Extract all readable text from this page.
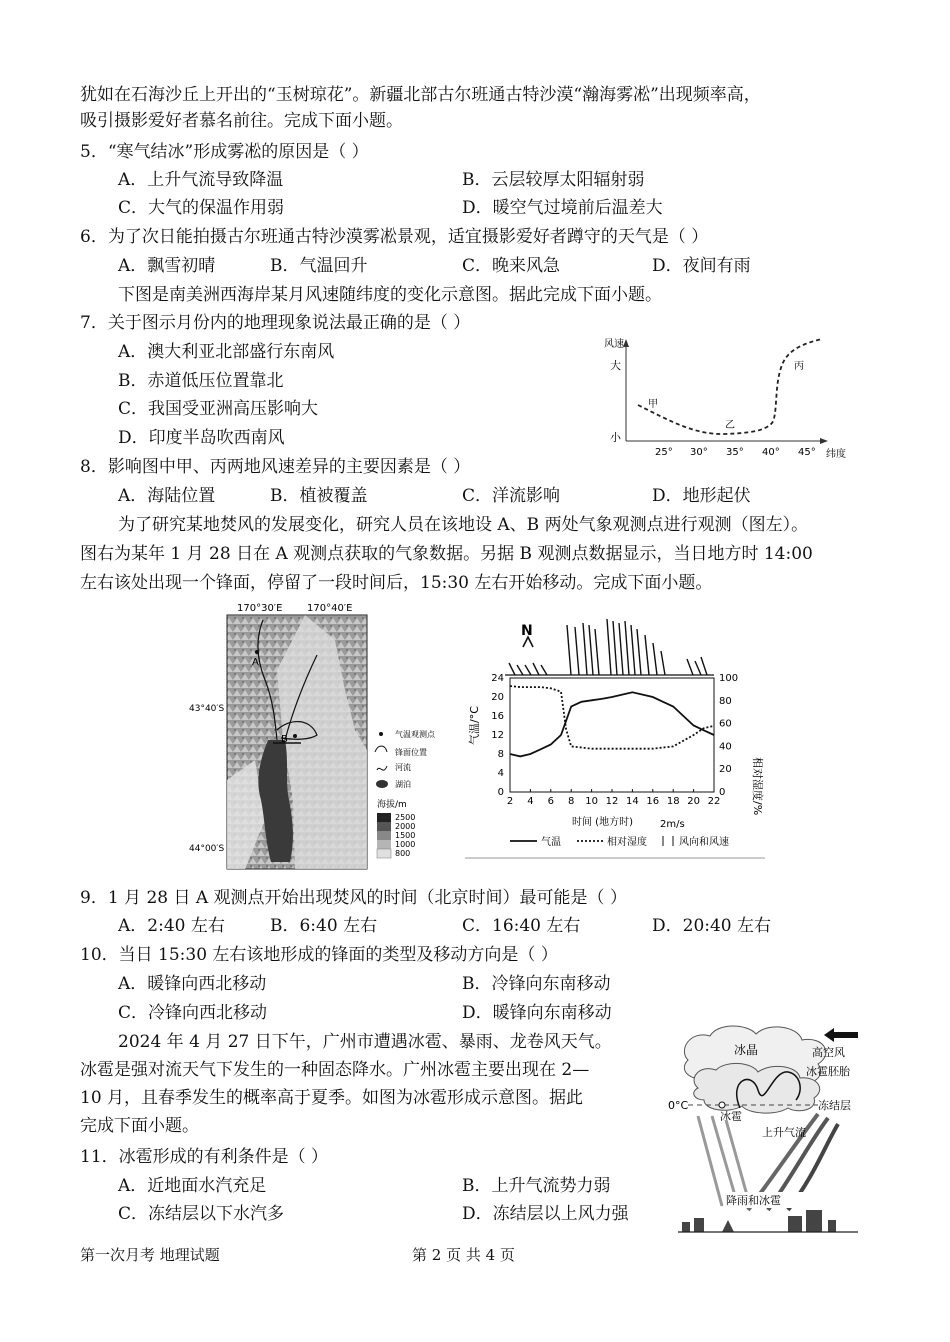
犹如在石海沙丘上开出的“玉树琼花”。新疆北部古尔班通古特沙漠“瀚海雾凇”出现频率高，
吸引摄影爱好者慕名前往。完成下面小题。
5．“寒气结冰”形成雾凇的原因是（ ）
A．上升气流导致降温	B．云层较厚太阳辐射弱
C．大气的保温作用弱	D．暖空气过境前后温差大
6．为了次日能拍摄古尔班通古特沙漠雾凇景观，适宜摄影爱好者蹲守的天气是（ ）
A．飘雪初晴	B．气温回升	C．晚来风急	D．夜间有雨
下图是南美洲西海岸某月风速随纬度的变化示意图。据此完成下面小题。
7．关于图示月份内的地理现象说法最正确的是（ ）
A．澳大利亚北部盛行东南风
B．赤道低压位置靠北
C．我国受亚洲高压影响大
D．印度半岛吹西南风
风速
大
小
纬度
25° 30° 35° 40° 45°
甲
乙
丙
8．影响图中甲、丙两地风速差异的主要因素是（ ）
A．海陆位置	B．植被覆盖	C．洋流影响	D．地形起伏
为了研究某地焚风的发展变化，研究人员在该地设 A、B 两处气象观测点进行观测（图左）。
图右为某年 1 月 28 日在 A 观测点获取的气象数据。另据 B 观测点数据显示，当日地方时 14:00
左右该处出现一个锋面，停留了一段时间后，15:30 左右开始移动。完成下面小题。
170°30′E 170°40′E
A
B
43°40′S
44°00′S
气温观测点
锋面位置
河流
湖泊
海拔/m
2500
2000
1500
1000
800
N
0
4
8
12
16
20
24
0
20
40
60
80
100
2 4 6 8 10 12 14 16 18 20 22
气温/°C
相对湿度/%
时间 (地方时)	2m/s
气温	相对湿度	风向和风速
9．1 月 28 日 A 观测点开始出现焚风的时间（北京时间）最可能是（ ）
A．2:40 左右	B．6:40 左右	C．16:40 左右	D．20:40 左右
10．当日 15:30 左右该地形成的锋面的类型及移动方向是（ ）
A．暖锋向西北移动	B．冷锋向东南移动
C．冷锋向西北移动	D．暖锋向东南移动
2024 年 4 月 27 日下午，广州市遭遇冰雹、暴雨、龙卷风天气。
冰雹是强对流天气下发生的一种固态降水。广州冰雹主要出现在 2—
10 月，且春季发生的概率高于夏季。如图为冰雹形成示意图。据此
完成下面小题。
冰晶	高空风
冰雹胚胎
0°C	冻结层
冰雹
上升气流
降雨和冰雹
11．冰雹形成的有利条件是（ ）
A．近地面水汽充足	B．上升气流势力弱
C．冻结层以下水汽多	D．冻结层以上风力强
第一次月考 地理试题	第 2 页 共 4 页
